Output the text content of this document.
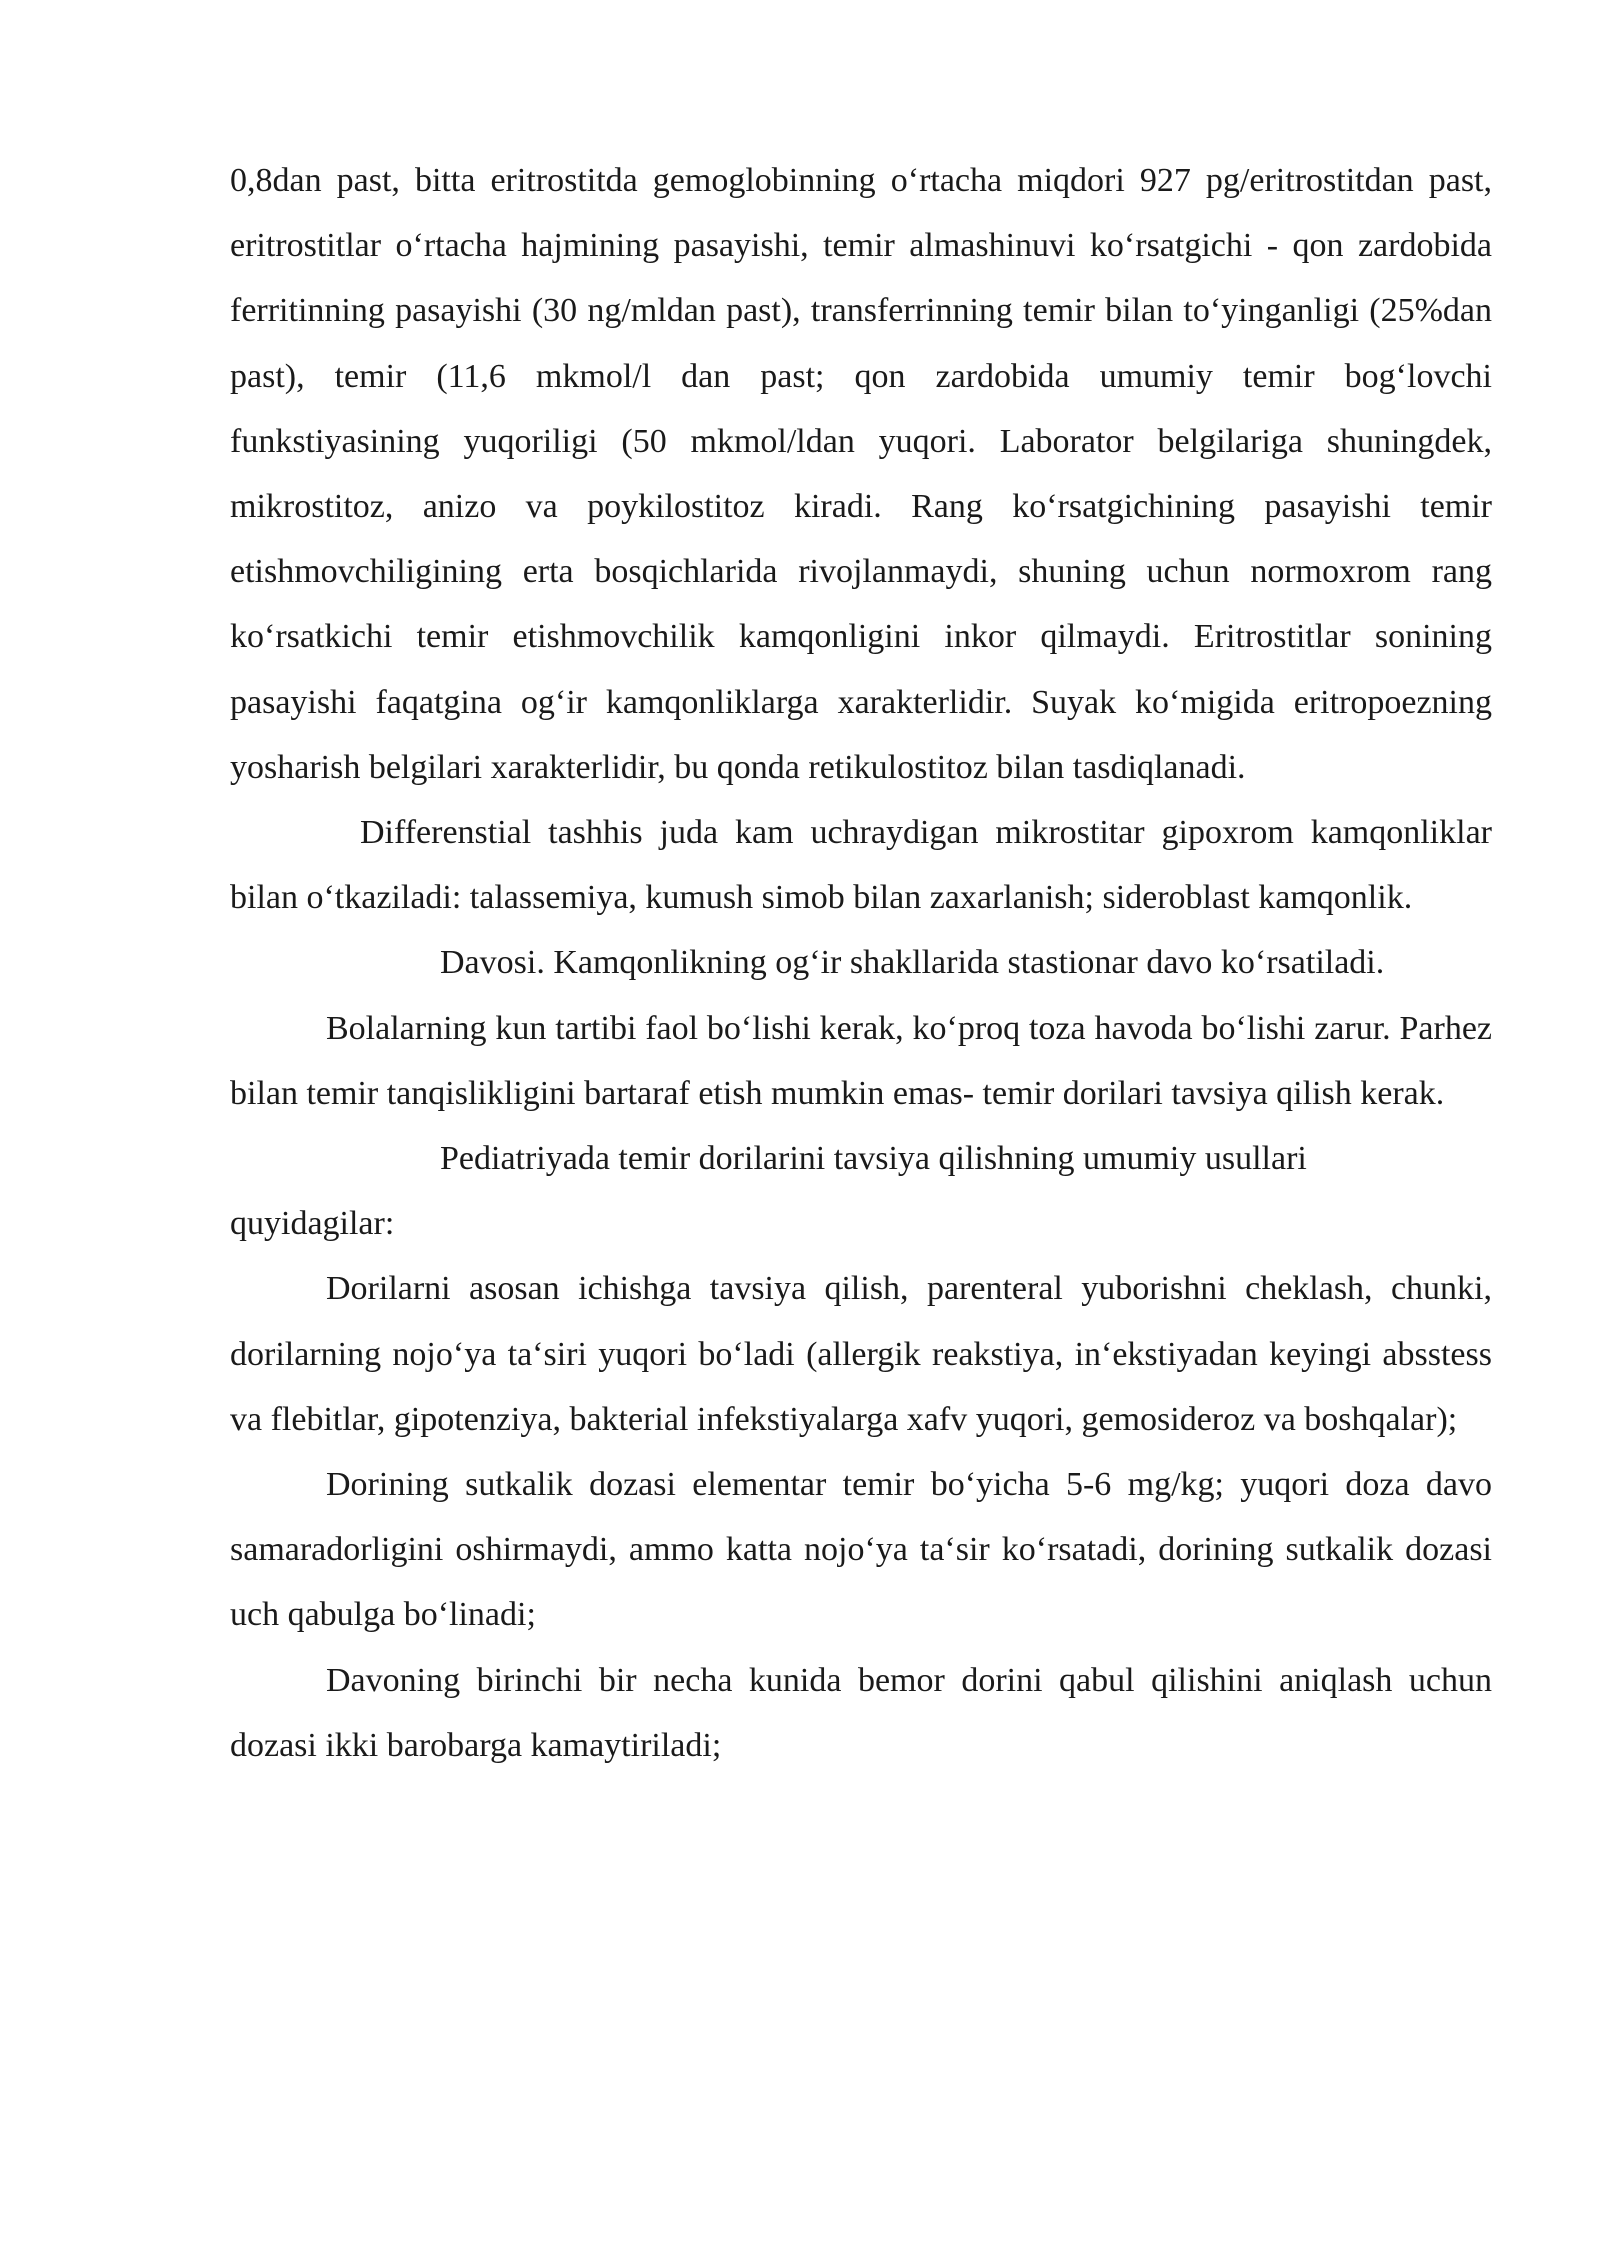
0,8dan past, bitta eritrostitda gemoglobinning o‘rtacha miqdori 927 pg/eritrostitdan past, eritrostitlar o‘rtacha hajmining pasayishi, temir almashinuvi ko‘rsatgichi - qon zardobida ferritinning pasayishi (30 ng/mldan past), transferrinning temir bilan to‘yinganligi (25%dan past), temir (11,6 mkmol/l dan past; qon zardobida umumiy temir bog‘lovchi funkstiyasining yuqoriligi (50 mkmol/ldan yuqori. Laborator belgilariga shuningdek, mikrostitoz, anizo va poykilostitoz kiradi. Rang ko‘rsatgichining pasayishi temir etishmovchiligining erta bosqichlarida rivojlanmaydi, shuning uchun normoxrom rang ko‘rsatkichi temir etishmovchilik kamqonligini inkor qilmaydi. Eritrostitlar sonining pasayishi faqatgina og‘ir kamqonliklarga xarakterlidir. Suyak ko‘migida eritropoezning yosharish belgilari xarakterlidir, bu qonda retikulostitoz bilan tasdiqlanadi.

Differenstial tashhis juda kam uchraydigan mikrostitar gipoxrom kamqonliklar bilan o‘tkaziladi: talassemiya, kumush simob bilan zaxarlanish; sideroblast kamqonlik.

Davosi. Kamqonlikning og‘ir shakllarida stastionar davo ko‘rsatiladi.

Bolalarning kun tartibi faol bo‘lishi kerak, ko‘proq toza havoda bo‘lishi zarur. Parhez bilan temir tanqislikligini bartaraf etish mumkin emas- temir dorilari tavsiya qilish kerak.

Pediatriyada temir dorilarini tavsiya qilishning umumiy usullari

quyidagilar:

Dorilarni asosan ichishga tavsiya qilish, parenteral yuborishni cheklash, chunki, dorilarning nojo‘ya ta‘siri yuqori bo‘ladi (allergik reakstiya, in‘ekstiyadan keyingi absstess va flebitlar, gipotenziya, bakterial infekstiyalarga xafv yuqori, gemosideroz va boshqalar);

Dorining sutkalik dozasi elementar temir bo‘yicha 5-6 mg/kg; yuqori doza davo samaradorligini oshirmaydi, ammo katta nojo‘ya ta‘sir ko‘rsatadi, dorining sutkalik dozasi uch qabulga bo‘linadi;

Davoning birinchi bir necha kunida bemor dorini qabul qilishini aniqlash uchun dozasi ikki barobarga kamaytiriladi;
